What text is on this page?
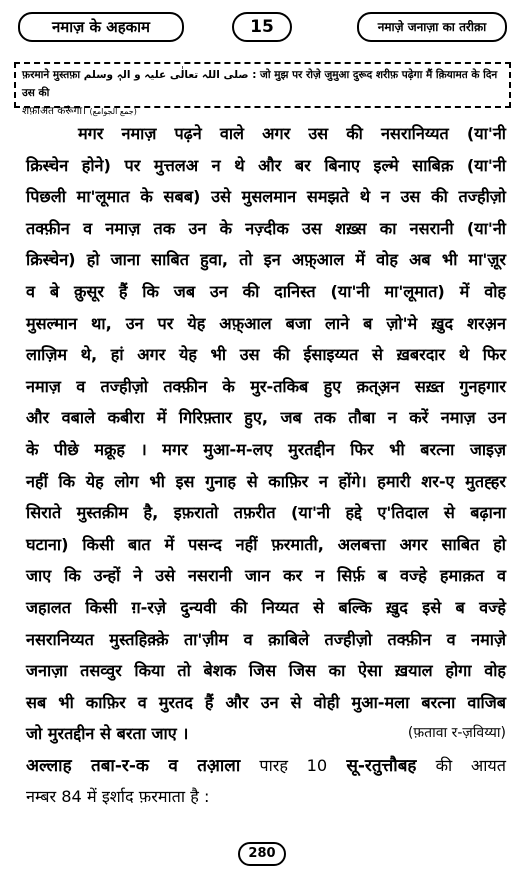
नमाज़ के अहकाम	15	नमाज़े जनाज़ा का तरीक़ा
फ़रमाने मुस्तफ़ा صلی اللہ تعالٰی علیہ و الہٖ وسلم : जो मुझ पर रोज़े जुमुआ दुरूद शरीफ़ पढ़ेगा मैं क़ियामत के दिन उस की
शफ़ाअत करूंगा। (جمع الجوامع)
मगर नमाज़ पढ़ने वाले अगर उस की नसरानिय्यत (या'नी
क्रिस्चेन होने) पर मुत्तलअ न थे और बर बिनाए इल्मे साबिक़ (या'नी
पिछली मा'लूमात के सबब) उसे मुसलमान समझते थे न उस की तज्हीज़ो
तक्फ़ीन व नमाज़ तक उन के नज़्दीक उस शख़्स का नसरानी (या'नी
क्रिस्चेन) हो जाना साबित हुवा, तो इन अफ़्आल में वोह अब भी मा'ज़ूर
व बे क़ुसूर हैं कि जब उन की दानिस्त (या'नी मा'लूमात) में वोह
मुसल्मान था, उन पर येह अफ़्आल बजा लाने ब ज़ो'मे ख़ुद शरअ़न
लाज़िम थे, हां अगर येह भी उस की ईसाइय्यत से ख़बरदार थे फिर
नमाज़ व तज्हीज़ो तक्फ़ीन के मुर-तकिब हुए क़त्अ़न सख़्त गुनहगार
और वबाले कबीरा में गिरिफ़्तार हुए, जब तक तौबा न करें नमाज़ उन
के पीछे मक्रूह । मगर मुआ-म-लए मुरतद्दीन फिर भी बरत्ना जाइज़
नहीं कि येह लोग भी इस गुनाह से काफ़िर न होंगे। हमारी शर-ए मुतह्हर
सिराते मुस्तक़ीम है, इफ़रातो तफ़रीत (या'नी हद्दे ए'तिदाल से बढ़ाना
घटाना) किसी बात में पसन्द नहीं फ़रमाती, अलबत्ता अगर साबित हो
जाए कि उन्हों ने उसे नसरानी जान कर न सिर्फ़ ब वज्हे हमाक़त व
जहालत किसी ग़-रज़े दुन्यवी की निय्यत से बल्कि ख़ुद इसे ब वज्हे
नसरानिय्यत मुस्तहिक़्क़े ता'ज़ीम व क़ाबिले तज्हीज़ो तक्फ़ीन व नमाज़े
जनाज़ा तसव्वुर किया तो बेशक जिस जिस का ऐसा ख़याल होगा वोह
सब भी काफ़िर व मुरतद हैं और उन से वोही मुआ-मला बरत्ना वाजिब
जो मुरतद्दीन से बरता जाए ।	(फ़तावा र-ज़विय्या)
अल्लाह तबा-र-क व तआ़ला पारह 10 सू-रतुत्तौबह की आयत
नम्बर 84 में इर्शाद फ़रमाता है :
280
